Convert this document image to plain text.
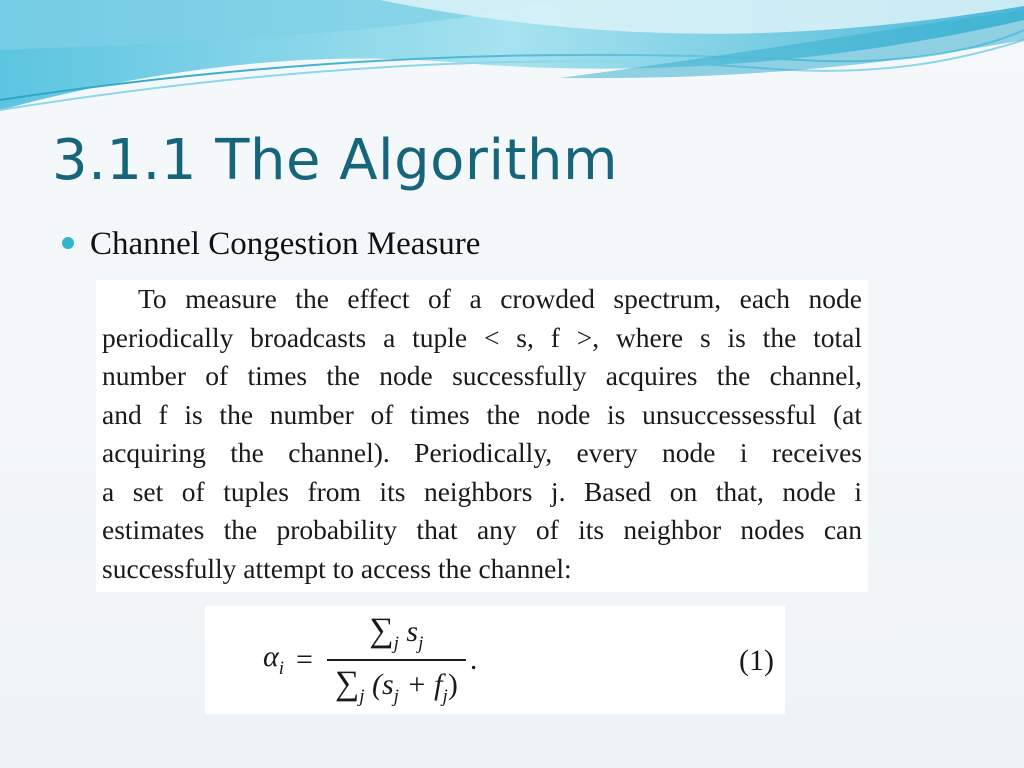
3.1.1 The Algorithm
Channel Congestion Measure
To measure the effect of a crowded spectrum, each node
periodically broadcasts a tuple < s, f >, where s is the total
number of times the node successfully acquires the channel,
and f is the number of times the node is unsuccessessful (at
acquiring the channel). Periodically, every node i receives
a set of tuples from its neighbors j. Based on that, node i
estimates the probability that any of its neighbor nodes can
successfully attempt to access the channel:
$\alpha_i = \frac{\sum_j s_j}{\sum_j (s_j + f_j)}$ .	(1)
